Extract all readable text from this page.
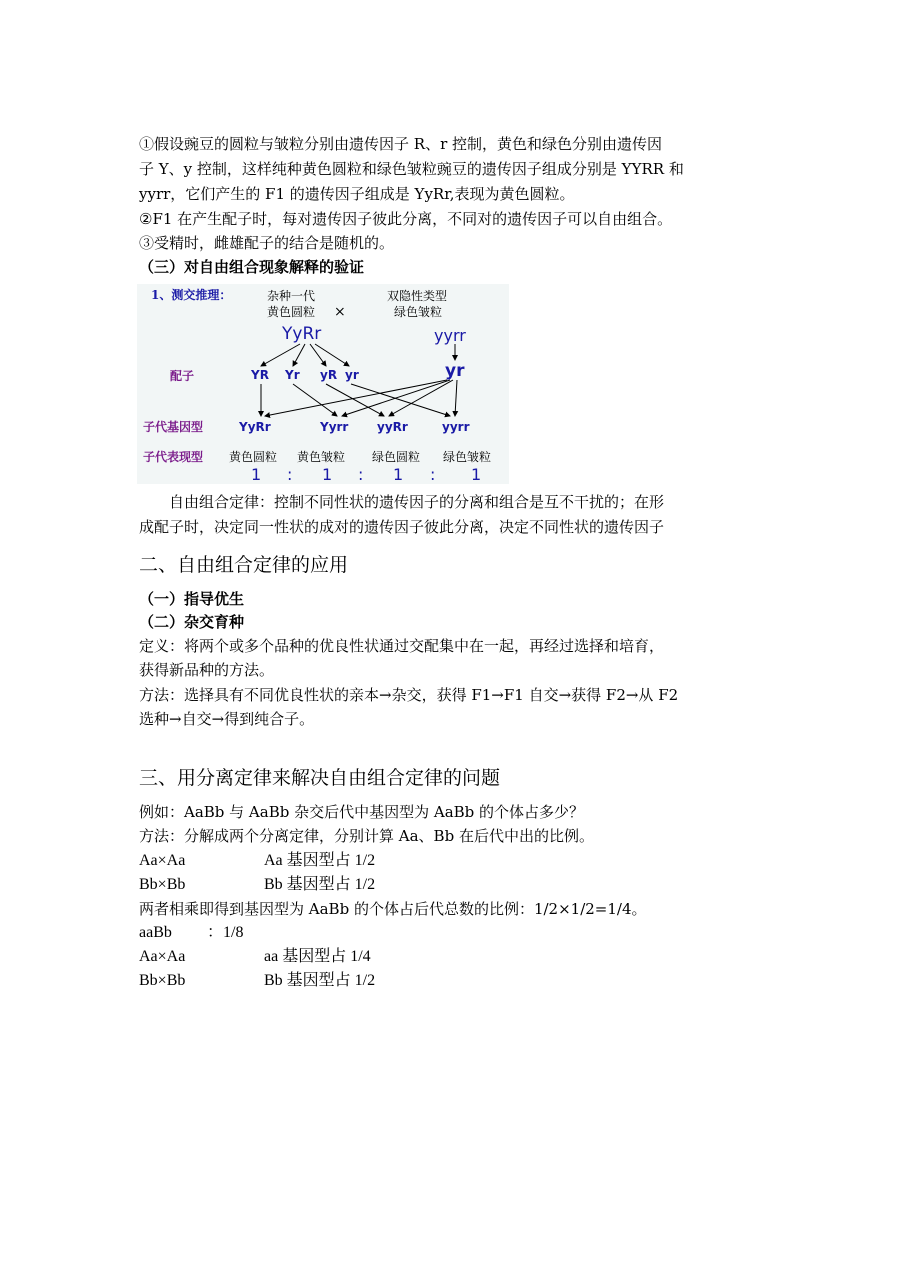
①假设豌豆的圆粒与皱粒分别由遗传因子 R、r 控制，黄色和绿色分别由遗传因
子 Y、y 控制，这样纯种黄色圆粒和绿色皱粒豌豆的遗传因子组成分别是 YYRR 和
yyrr，它们产生的 F1 的遗传因子组成是 YyRr,表现为黄色圆粒。
②F1 在产生配子时，每对遗传因子彼此分离，不同对的遗传因子可以自由组合。
③受精时，雌雄配子的结合是随机的。
（三）对自由组合现象解释的验证
1、测交推理：	杂种一代
黄色圆粒 ×
双隐性类型
绿色皱粒
YyRr	yyrr
配子	YR Yr yR yr	yr
子代基因型	YyRr	Yyrr yyRr	yyrr
子代表现型 黄色圆粒 黄色皱粒 绿色圆粒 绿色皱粒
1 : 1 : 1 : 1
自由组合定律：控制不同性状的遗传因子的分离和组合是互不干扰的；在形
成配子时，决定同一性状的成对的遗传因子彼此分离，决定不同性状的遗传因子
二、自由组合定律的应用
（一）指导优生
（二）杂交育种
定义：将两个或多个品种的优良性状通过交配集中在一起，再经过选择和培育，
获得新品种的方法。
方法：选择具有不同优良性状的亲本→杂交，获得 F1→F1 自交→获得 F2→从 F2
选种→自交→得到纯合子。
三、用分离定律来解决自由组合定律的问题
例如：AaBb 与 AaBb 杂交后代中基因型为 AaBb 的个体占多少？
方法：分解成两个分离定律，分别计算 Aa、Bb 在后代中出的比例。
Aa×Aa	Aa 基因型占 1/2
Bb×Bb	Bb 基因型占 1/2
两者相乘即得到基因型为 AaBb 的个体占后代总数的比例：1/2×1/2=1/4。
aaBb ：1/8
Aa×Aa	aa 基因型占 1/4
Bb×Bb	Bb 基因型占 1/2
